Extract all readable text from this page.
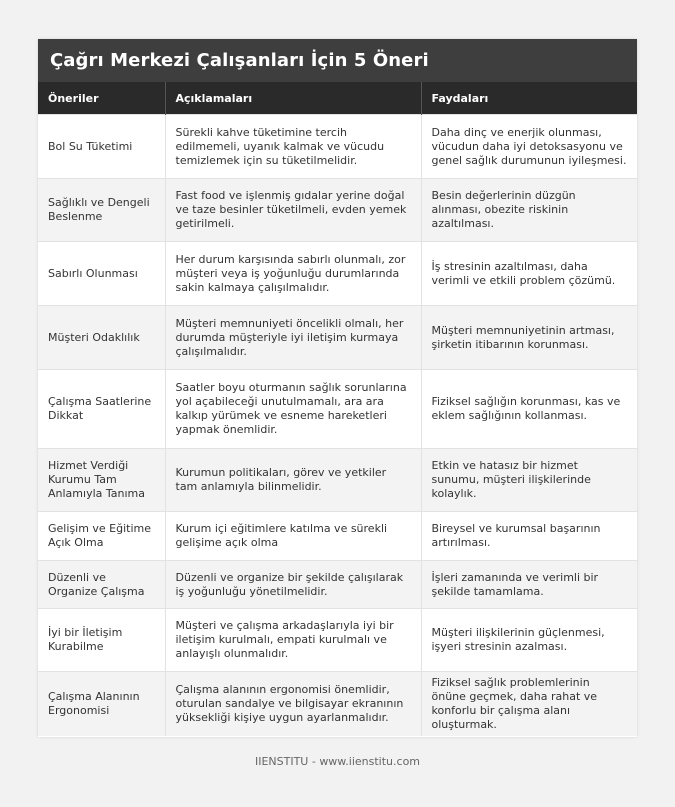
Çağrı Merkezi Çalışanları İçin 5 Öneri
Öneriler	Açıklamaları	Faydaları
Bol Su Tüketimi	Sürekli kahve tüketimine tercih edilmemeli, uyanık kalmak ve vücudu temizlemek için su tüketilmelidir.	Daha dinç ve enerjik olunması, vücudun daha iyi detoksasyonu ve genel sağlık durumunun iyileşmesi.
Sağlıklı ve Dengeli Beslenme	Fast food ve işlenmiş gıdalar yerine doğal ve taze besinler tüketilmeli, evden yemek getirilmeli.	Besin değerlerinin düzgün alınması, obezite riskinin azaltılması.
Sabırlı Olunması	Her durum karşısında sabırlı olunmalı, zor müşteri veya iş yoğunluğu durumlarında sakin kalmaya çalışılmalıdır.	İş stresinin azaltılması, daha verimli ve etkili problem çözümü.
Müşteri Odaklılık	Müşteri memnuniyeti öncelikli olmalı, her durumda müşteriyle iyi iletişim kurmaya çalışılmalıdır.	Müşteri memnuniyetinin artması, şirketin itibarının korunması.
Çalışma Saatlerine Dikkat	Saatler boyu oturmanın sağlık sorunlarına yol açabileceği unutulmamalı, ara ara kalkıp yürümek ve esneme hareketleri yapmak önemlidir.	Fiziksel sağlığın korunması, kas ve eklem sağlığının kollanması.
Hizmet Verdiği Kurumu Tam Anlamıyla Tanıma	Kurumun politikaları, görev ve yetkiler tam anlamıyla bilinmelidir.	Etkin ve hatasız bir hizmet sunumu, müşteri ilişkilerinde kolaylık.
Gelişim ve Eğitime Açık Olma	Kurum içi eğitimlere katılma ve sürekli gelişime açık olma	Bireysel ve kurumsal başarının artırılması.
Düzenli ve Organize Çalışma	Düzenli ve organize bir şekilde çalışılarak iş yoğunluğu yönetilmelidir.	İşleri zamanında ve verimli bir şekilde tamamlama.
İyi bir İletişim Kurabilme	Müşteri ve çalışma arkadaşlarıyla iyi bir iletişim kurulmalı, empati kurulmalı ve anlayışlı olunmalıdır.	Müşteri ilişkilerinin güçlenmesi, işyeri stresinin azalması.
Çalışma Alanının Ergonomisi	Çalışma alanının ergonomisi önemlidir, oturulan sandalye ve bilgisayar ekranının yüksekliği kişiye uygun ayarlanmalıdır.	Fiziksel sağlık problemlerinin önüne geçmek, daha rahat ve konforlu bir çalışma alanı oluşturmak.
IIENSTITU - www.iienstitu.com
